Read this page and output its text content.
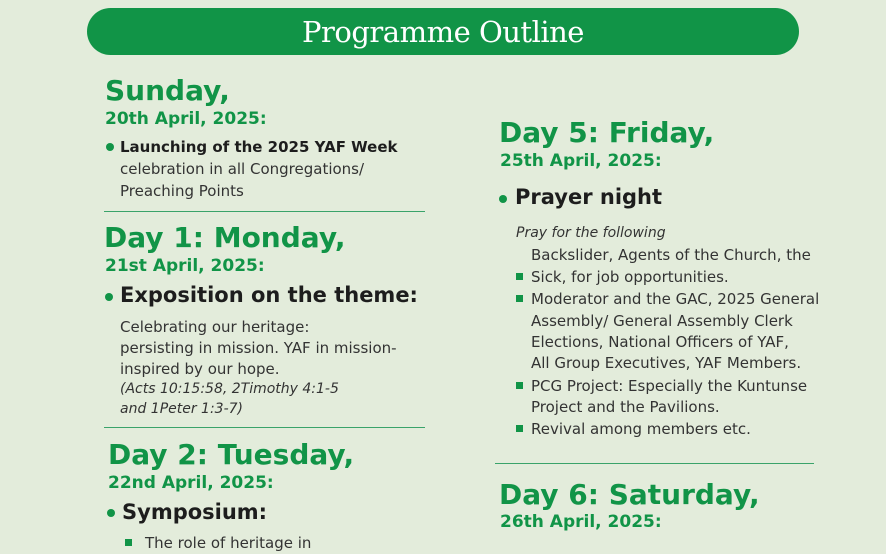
Programme Outline
Sunday,

20th April, 2025:

Launching of the 2025 YAF Week

celebration in all Congregations/

Preaching Points

Day 1: Monday,

21st April, 2025:

Exposition on the theme:

Celebrating our heritage:

persisting in mission. YAF in mission-

inspired by our hope.

(Acts 10:15:58, 2Timothy 4:1-5

and 1Peter 1:3-7)

Day 2: Tuesday,

22nd April, 2025:

Symposium:

The role of heritage in

Day 5: Friday,

25th April, 2025:

Prayer night

Pray for the following

Backslider, Agents of the Church, the

Sick, for job opportunities.

Moderator and the GAC, 2025 General

Assembly/ General Assembly Clerk

Elections, National Officers of YAF,

All Group Executives, YAF Members.

PCG Project: Especially the Kuntunse

Project and the Pavilions.

Revival among members etc.

Day 6: Saturday,

26th April, 2025:
